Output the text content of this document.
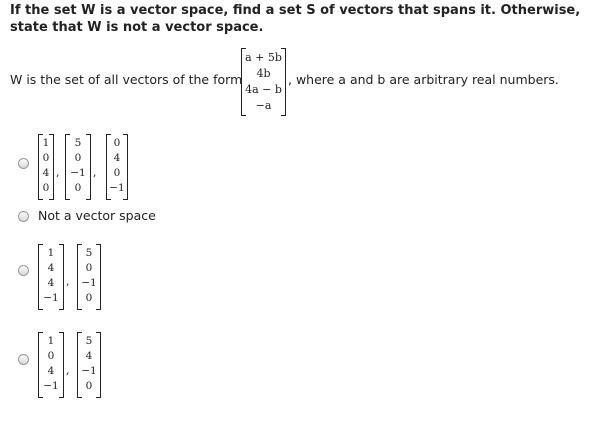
If the set W is a vector space, find a set S of vectors that spans it. Otherwise, state that W is not a vector space.
W is the set of all vectors of the form
a + 5b
4b
4a − b
−a
, where a and b are arbitrary real numbers.
1
0
4
0
,
5
0
−1
0
,
0
4
0
−1
Not a vector space
1
4
4
−1
,
5
0
−1
0
1
0
4
−1
,
5
4
−1
0
